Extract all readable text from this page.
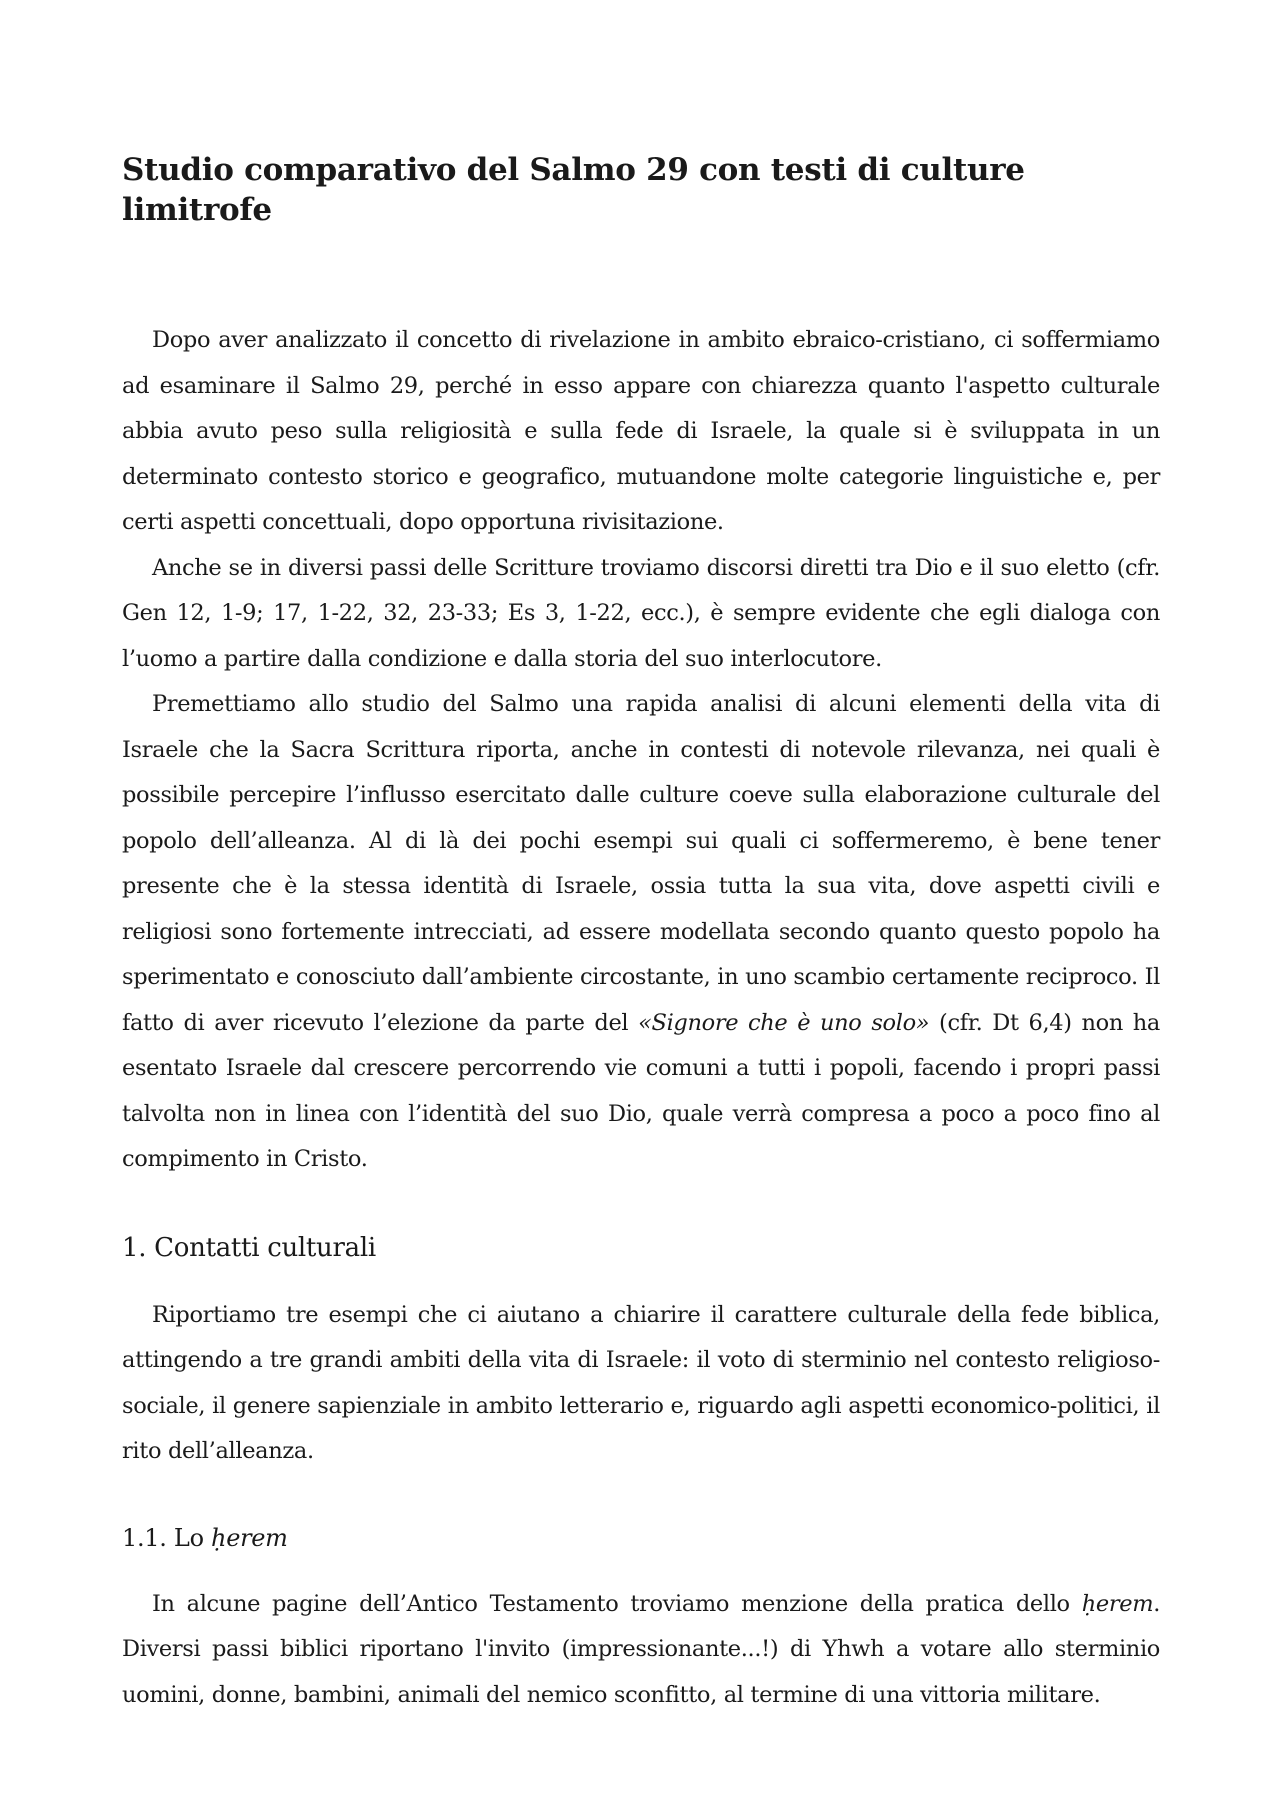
Studio comparativo del Salmo 29 con testi di culture limitrofe

Dopo aver analizzato il concetto di rivelazione in ambito ebraico-cristiano, ci soffermiamo ad esaminare il Salmo 29, perché in esso appare con chiarezza quanto l'aspetto culturale abbia avuto peso sulla religiosità e sulla fede di Israele, la quale si è sviluppata in un determinato contesto storico e geografico, mutuandone molte categorie linguistiche e, per certi aspetti concettuali, dopo opportuna rivisitazione.

Anche se in diversi passi delle Scritture troviamo discorsi diretti tra Dio e il suo eletto (cfr. Gen 12, 1-9; 17, 1-22, 32, 23-33; Es 3, 1-22, ecc.), è sempre evidente che egli dialoga con l’uomo a partire dalla condizione e dalla storia del suo interlocutore.

Premettiamo allo studio del Salmo una rapida analisi di alcuni elementi della vita di Israele che la Sacra Scrittura riporta, anche in contesti di notevole rilevanza, nei quali è possibile percepire l’influsso esercitato dalle culture coeve sulla elaborazione culturale del popolo dell’alleanza. Al di là dei pochi esempi sui quali ci soffermeremo, è bene tener presente che è la stessa identità di Israele, ossia tutta la sua vita, dove aspetti civili e religiosi sono fortemente intrecciati, ad essere modellata secondo quanto questo popolo ha sperimentato e conosciuto dall’ambiente circostante, in uno scambio certamente reciproco. Il fatto di aver ricevuto l’elezione da parte del «Signore che è uno solo» (cfr. Dt 6,4) non ha esentato Israele dal crescere percorrendo vie comuni a tutti i popoli, facendo i propri passi talvolta non in linea con l’identità del suo Dio, quale verrà compresa a poco a poco fino al compimento in Cristo.

1. Contatti culturali

Riportiamo tre esempi che ci aiutano a chiarire il carattere culturale della fede biblica, attingendo a tre grandi ambiti della vita di Israele: il voto di sterminio nel contesto religioso-sociale, il genere sapienziale in ambito letterario e, riguardo agli aspetti economico-politici, il rito dell’alleanza.

1.1. Lo ḥerem

In alcune pagine dell’Antico Testamento troviamo menzione della pratica dello ḥerem. Diversi passi biblici riportano l'invito (impressionante...!) di Yhwh a votare allo sterminio uomini, donne, bambini, animali del nemico sconfitto, al termine di una vittoria militare.
